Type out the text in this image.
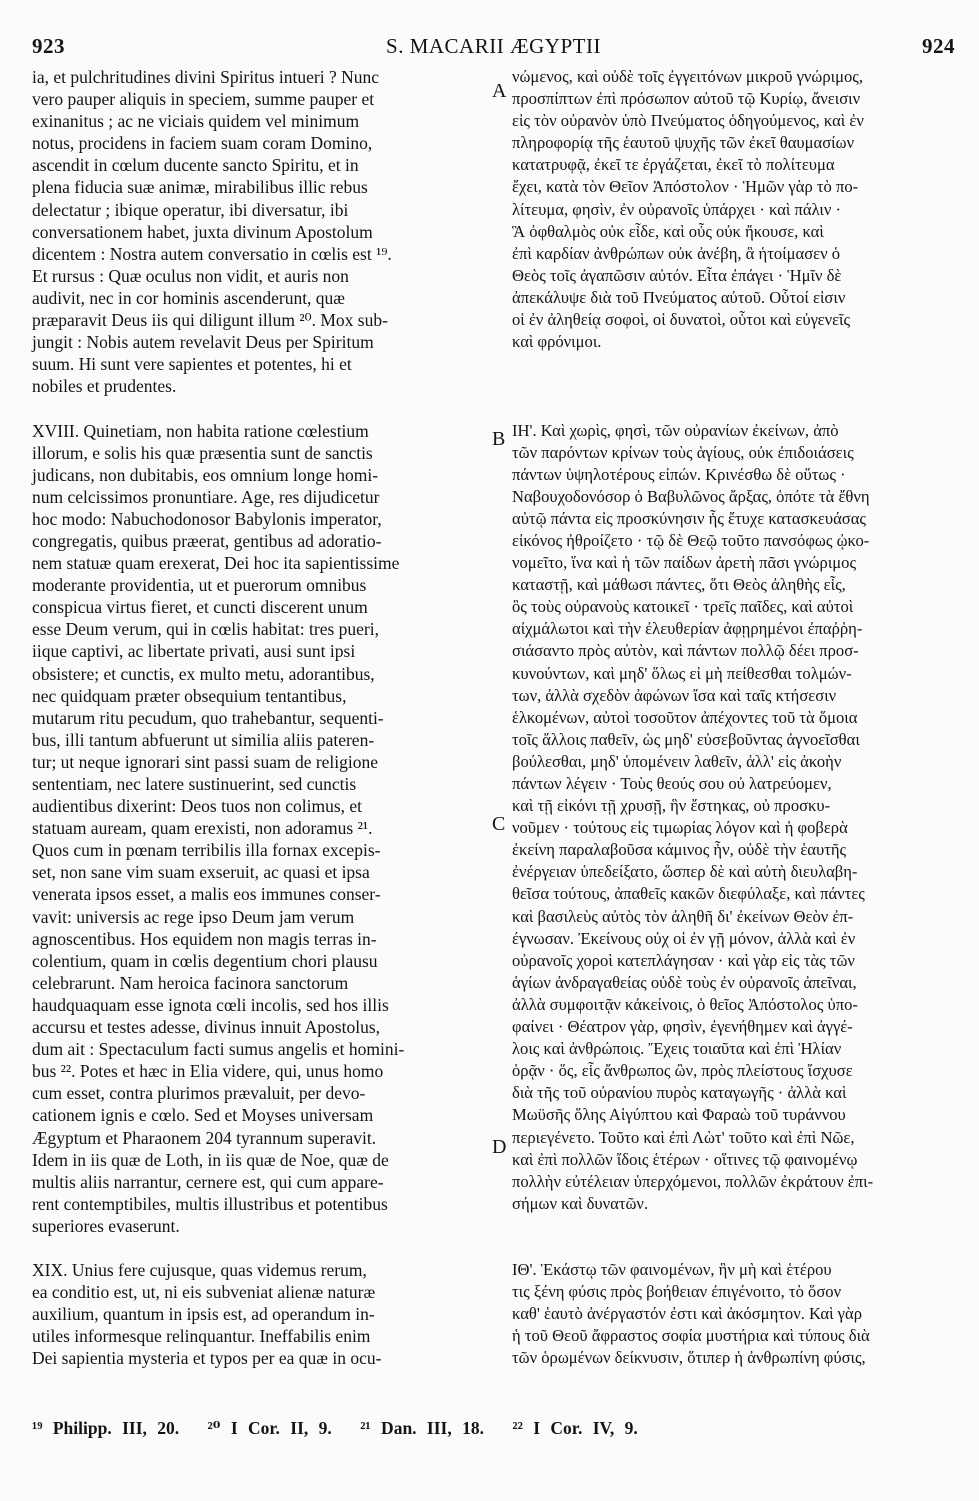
923	S. MACARII ÆGYPTII	924
ia, et pulchritudines divini Spiritus intueri ? Nunc
vero pauper aliquis in speciem, summe pauper et
exinanitus ; ac ne viciais quidem vel minimum
notus, procidens in faciem suam coram Domino,
ascendit in cœlum ducente sancto Spiritu, et in
plena fiducia suæ animæ, mirabilibus illic rebus
delectatur ; ibique operatur, ibi diversatur, ibi
conversationem habet, juxta divinum Apostolum
dicentem : Nostra autem conversatio in cœlis est ¹⁹.
Et rursus : Quæ oculus non vidit, et auris non
audivit, nec in cor hominis ascenderunt, quæ
præparavit Deus iis qui diligunt illum ²⁰. Mox sub-
jungit : Nobis autem revelavit Deus per Spiritum
suum. Hi sunt vere sapientes et potentes, hi et
nobiles et prudentes.
XVIII. Quinetiam, non habita ratione cœlestium
illorum, e solis his quæ præsentia sunt de sanctis
judicans, non dubitabis, eos omnium longe homi-
num celcissimos pronuntiare. Age, res dijudicetur
hoc modo: Nabuchodonosor Babylonis imperator,
congregatis, quibus præerat, gentibus ad adoratio-
nem statuæ quam erexerat, Dei hoc ita sapientissime
moderante providentia, ut et puerorum omnibus
conspicua virtus fieret, et cuncti discerent unum
esse Deum verum, qui in cœlis habitat: tres pueri,
iique captivi, ac libertate privati, ausi sunt ipsi
obsistere; et cunctis, ex multo metu, adorantibus,
nec quidquam præter obsequium tentantibus,
mutarum ritu pecudum, quo trahebantur, sequenti-
bus, illi tantum abfuerunt ut similia aliis pateren-
tur; ut neque ignorari sint passi suam de religione
sententiam, nec latere sustinuerint, sed cunctis
audientibus dixerint: Deos tuos non colimus, et
statuam auream, quam erexisti, non adoramus ²¹.
Quos cum in pœnam terribilis illa fornax excepis-
set, non sane vim suam exseruit, ac quasi et ipsa
venerata ipsos esset, a malis eos immunes conser-
vavit: universis ac rege ipso Deum jam verum
agnoscentibus. Hos equidem non magis terras in-
colentium, quam in cœlis degentium chori plausu
celebrarunt. Nam heroica facinora sanctorum
haudquaquam esse ignota cœli incolis, sed hos illis
accursu et testes adesse, divinus innuit Apostolus,
dum ait : Spectaculum facti sumus angelis et homini-
bus ²². Potes et hæc in Elia videre, qui, unus homo
cum esset, contra plurimos prævaluit, per devo-
cationem ignis e cœlo. Sed et Moyses universam
Ægyptum et Pharaonem 204 tyrannum superavit.
Idem in iis quæ de Loth, in iis quæ de Noe, quæ de
multis aliis narrantur, cernere est, qui cum appare-
rent contemptibiles, multis illustribus et potentibus
superiores evaserunt.
XIX. Unius fere cujusque, quas videmus rerum,
ea conditio est, ut, ni eis subveniat alienæ naturæ
auxilium, quantum in ipsis est, ad operandum in-
utiles informesque relinquantur. Ineffabilis enim
Dei sapientia mysteria et typos per ea quæ in ocu-
νώμενος, καὶ οὐδὲ τοῖς ἐγγειτόνων μικροῦ γνώριμος,
προσπίπτων ἐπὶ πρόσωπον αὐτοῦ τῷ Κυρίῳ, ἄνεισιν
εἰς τὸν οὐρανὸν ὑπὸ Πνεύματος ὁδηγούμενος, καὶ ἐν
πληροφορίᾳ τῆς ἑαυτοῦ ψυχῆς τῶν ἐκεῖ θαυμασίων
κατατρυφᾷ, ἐκεῖ τε ἐργάζεται, ἐκεῖ τὸ πολίτευμα
ἔχει, κατὰ τὸν Θεῖον Ἀπόστολον · Ἡμῶν γὰρ τὸ πο-
λίτευμα, φησὶν, ἐν οὐρανοῖς ὑπάρχει · καὶ πάλιν ·
Ἃ ὀφθαλμὸς οὐκ εἶδε, καὶ οὖς οὐκ ἤκουσε, καὶ
ἐπὶ καρδίαν ἀνθρώπων οὐκ ἀνέβη, ἃ ἡτοίμασεν ὁ
Θεὸς τοῖς ἀγαπῶσιν αὐτόν. Εἶτα ἐπάγει · Ἡμῖν δὲ
ἀπεκάλυψε διὰ τοῦ Πνεύματος αὐτοῦ. Οὗτοί εἰσιν
οἱ ἐν ἀληθείᾳ σοφοὶ, οἱ δυνατοὶ, οὗτοι καὶ εὐγενεῖς
καὶ φρόνιμοι.
ΙΗ'. Καὶ χωρὶς, φησὶ, τῶν οὐρανίων ἐκείνων, ἀπὸ
τῶν παρόντων κρίνων τοὺς ἁγίους, οὐκ ἐπιδοιάσεις
πάντων ὑψηλοτέρους εἰπών. Κρινέσθω δὲ οὕτως ·
Ναβουχοδονόσορ ὁ Βαβυλῶνος ἄρξας, ὁπότε τὰ ἔθνη
αὐτῷ πάντα εἰς προσκύνησιν ἧς ἔτυχε κατασκευάσας
εἰκόνος ἠθροίζετο · τῷ δὲ Θεῷ τοῦτο πανσόφως ᾠκο-
νομεῖτο, ἵνα καὶ ἡ τῶν παίδων ἀρετὴ πᾶσι γνώριμος
καταστῇ, καὶ μάθωσι πάντες, ὅτι Θεὸς ἀληθὴς εἷς,
ὃς τοὺς οὐρανοὺς κατοικεῖ · τρεῖς παῖδες, καὶ αὐτοὶ
αἰχμάλωτοι καὶ τὴν ἐλευθερίαν ἀφῃρημένοι ἐπαῤῥη-
σιάσαντο πρὸς αὐτὸν, καὶ πάντων πολλῷ δέει προσ-
κυνούντων, καὶ μηδ' ὅλως εἰ μὴ πείθεσθαι τολμών-
των, ἀλλὰ σχεδὸν ἀφώνων ἴσα καὶ ταῖς κτήσεσιν
ἑλκομένων, αὐτοὶ τοσοῦτον ἀπέχοντες τοῦ τὰ ὅμοια
τοῖς ἄλλοις παθεῖν, ὡς μηδ' εὐσεβοῦντας ἀγνοεῖσθαι
βούλεσθαι, μηδ' ὑπομένειν λαθεῖν, ἀλλ' εἰς ἀκοὴν
πάντων λέγειν · Τοὺς θεούς σου οὐ λατρεύομεν,
καὶ τῇ εἰκόνι τῇ χρυσῇ, ἣν ἔστηκας, οὐ προσκυ-
νοῦμεν · τούτους εἰς τιμωρίας λόγον καὶ ἡ φοβερὰ
ἐκείνη παραλαβοῦσα κάμινος ἦν, οὐδὲ τὴν ἑαυτῆς
ἐνέργειαν ὑπεδείξατο, ὥσπερ δὲ καὶ αὐτὴ διευλαβη-
θεῖσα τούτους, ἀπαθεῖς κακῶν διεφύλαξε, καὶ πάντες
καὶ βασιλεὺς αὐτὸς τὸν ἀληθῆ δι' ἐκείνων Θεὸν ἐπ-
έγνωσαν. Ἐκείνους οὐχ οἱ ἐν γῇ μόνον, ἀλλὰ καὶ ἐν
οὐρανοῖς χοροὶ κατεπλάγησαν · καὶ γὰρ εἰς τὰς τῶν
ἁγίων ἀνδραγαθείας οὐδὲ τοὺς ἐν οὐρανοῖς ἀπεῖναι,
ἀλλὰ συμφοιτᾷν κἀκείνοις, ὁ θεῖος Ἀπόστολος ὑπο-
φαίνει · Θέατρον γὰρ, φησὶν, ἐγενήθημεν καὶ ἀγγέ-
λοις καὶ ἀνθρώποις. Ἔχεις τοιαῦτα καὶ ἐπὶ Ἠλίαν
ὁρᾷν · ὅς, εἷς ἄνθρωπος ὢν, πρὸς πλείστους ἴσχυσε
διὰ τῆς τοῦ οὐρανίου πυρὸς καταγωγῆς · ἀλλὰ καὶ
Μωϋσῆς ὅλης Αἰγύπτου καὶ Φαραὼ τοῦ τυράννου
περιεγένετο. Τοῦτο καὶ ἐπὶ Λὼτ' τοῦτο καὶ ἐπὶ Νῶε,
καὶ ἐπὶ πολλῶν ἴδοις ἑτέρων · οἵτινες τῷ φαινομένῳ
πολλὴν εὐτέλειαν ὑπερχόμενοι, πολλῶν ἐκράτουν ἐπι-
σήμων καὶ δυνατῶν.
ΙΘ'. Ἑκάστῳ τῶν φαινομένων, ἣν μὴ καὶ ἑτέρου
τις ξένη φύσις πρὸς βοήθειαν ἐπιγένοιτο, τὸ ὅσον
καθ' ἑαυτὸ ἀνέργαστόν ἐστι καὶ ἀκόσμητον. Καὶ γὰρ
ἡ τοῦ Θεοῦ ἄφραστος σοφία μυστήρια καὶ τύπους διὰ
τῶν ὁρωμένων δείκνυσιν, ὅτιπερ ἡ ἀνθρωπίνη φύσις,
A
B
C
D
¹⁹ Philipp. III, 20. ²⁰ I Cor. II, 9. ²¹ Dan. III, 18. ²² I Cor. IV, 9.
